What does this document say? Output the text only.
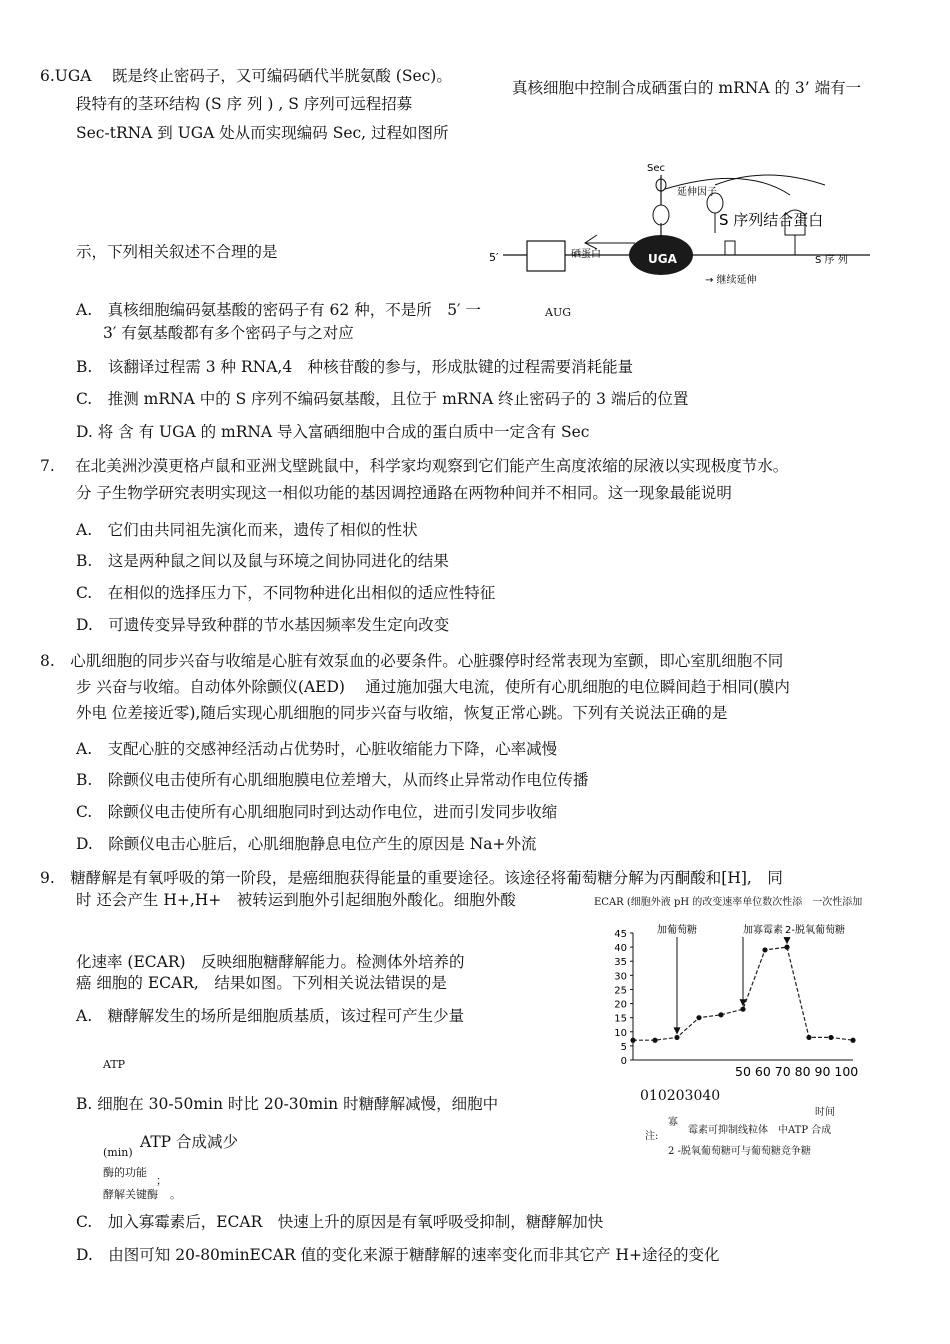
6.UGA　 既是终止密码子，又可编码硒代半胱氨酸 (Sec)。
真核细胞中控制合成硒蛋白的 mRNA 的 3’ 端有一
段特有的茎环结构 (S 序 列 ) , S 序列可远程招募
Sec-tRNA 到 UGA 处从而实现编码 Sec, 过程如图所
示，下列相关叙述不合理的是
Sec
延伸因子
S 序列结合蛋白
5′	硒蛋白	UGA	S 序 列
→ 继续延伸
A.　真核细胞编码氨基酸的密码子有 62 种，不是所　5′ 一	AUG
3′ 有氨基酸都有多个密码子与之对应
B.　该翻译过程需 3 种 RNA,4　种核苷酸的参与，形成肽键的过程需要消耗能量
C.　推测 mRNA 中的 S 序列不编码氨基酸，且位于 mRNA 终止密码子的 3 端后的位置
D. 将 含 有 UGA 的 mRNA 导入富硒细胞中合成的蛋白质中一定含有 Sec
7.　 在北美洲沙漠更格卢鼠和亚洲戈壁跳鼠中，科学家均观察到它们能产生高度浓缩的尿液以实现极度节水。
分 子生物学研究表明实现这一相似功能的基因调控通路在两物种间并不相同。这一现象最能说明
A.　它们由共同祖先演化而来，遗传了相似的性状
B.　这是两种鼠之间以及鼠与环境之间协同进化的结果
C.　在相似的选择压力下，不同物种进化出相似的适应性特征
D.　可遗传变异导致种群的节水基因频率发生定向改变
8.　心肌细胞的同步兴奋与收缩是心脏有效泵血的必要条件。心脏骤停时经常表现为室颤，即心室肌细胞不同
步 兴奋与收缩。自动体外除颤仪(AED)　 通过施加强大电流，使所有心肌细胞的电位瞬间趋于相同(膜内
外电 位差接近零),随后实现心肌细胞的同步兴奋与收缩，恢复正常心跳。下列有关说法正确的是
A.　支配心脏的交感神经活动占优势时，心脏收缩能力下降，心率减慢
B.　除颤仪电击使所有心肌细胞膜电位差增大，从而终止异常动作电位传播
C.　除颤仪电击使所有心肌细胞同时到达动作电位，进而引发同步收缩
D.　除颤仪电击心脏后，心肌细胞静息电位产生的原因是 Na+外流
9.　糖酵解是有氧呼吸的第一阶段，是癌细胞获得能量的重要途径。该途径将葡萄糖分解为丙酮酸和[H],　同
时 还会产生 H+,H+　被转运到胞外引起细胞外酸化。细胞外酸
化速率 (ECAR)　反映细胞糖酵解能力。检测体外培养的
癌 细胞的 ECAR,　结果如图。下列相关说法错误的是
A.　糖酵解发生的场所是细胞质基质，该过程可产生少量
ATP
B. 细胞在 30-50min 时比 20-30min 时糖酵解减慢，细胞中
(min)
ATP 合成减少
酶的功能
；
酵解关键酶 。
C.　加入寡霉素后，ECAR　快速上升的原因是有氧呼吸受抑制，糖酵解加快
D.　由图可知 20-80minECAR 值的变化来源于糖酵解的速率变化而非其它产 H+途径的变化
ECAR (细胞外液 pH 的改变速率单位数次性添　一次性添加
45
40
35
30
25
20
15
10
5
0
50 60 70 80 90 100
加葡萄糖	加寡霉素 2-脱氧葡萄糖
010203040
时间
寡
注:
霉素可抑制线粒体　中ATP 合成
2 -脱氧葡萄糖可与葡萄糖竞争糖
